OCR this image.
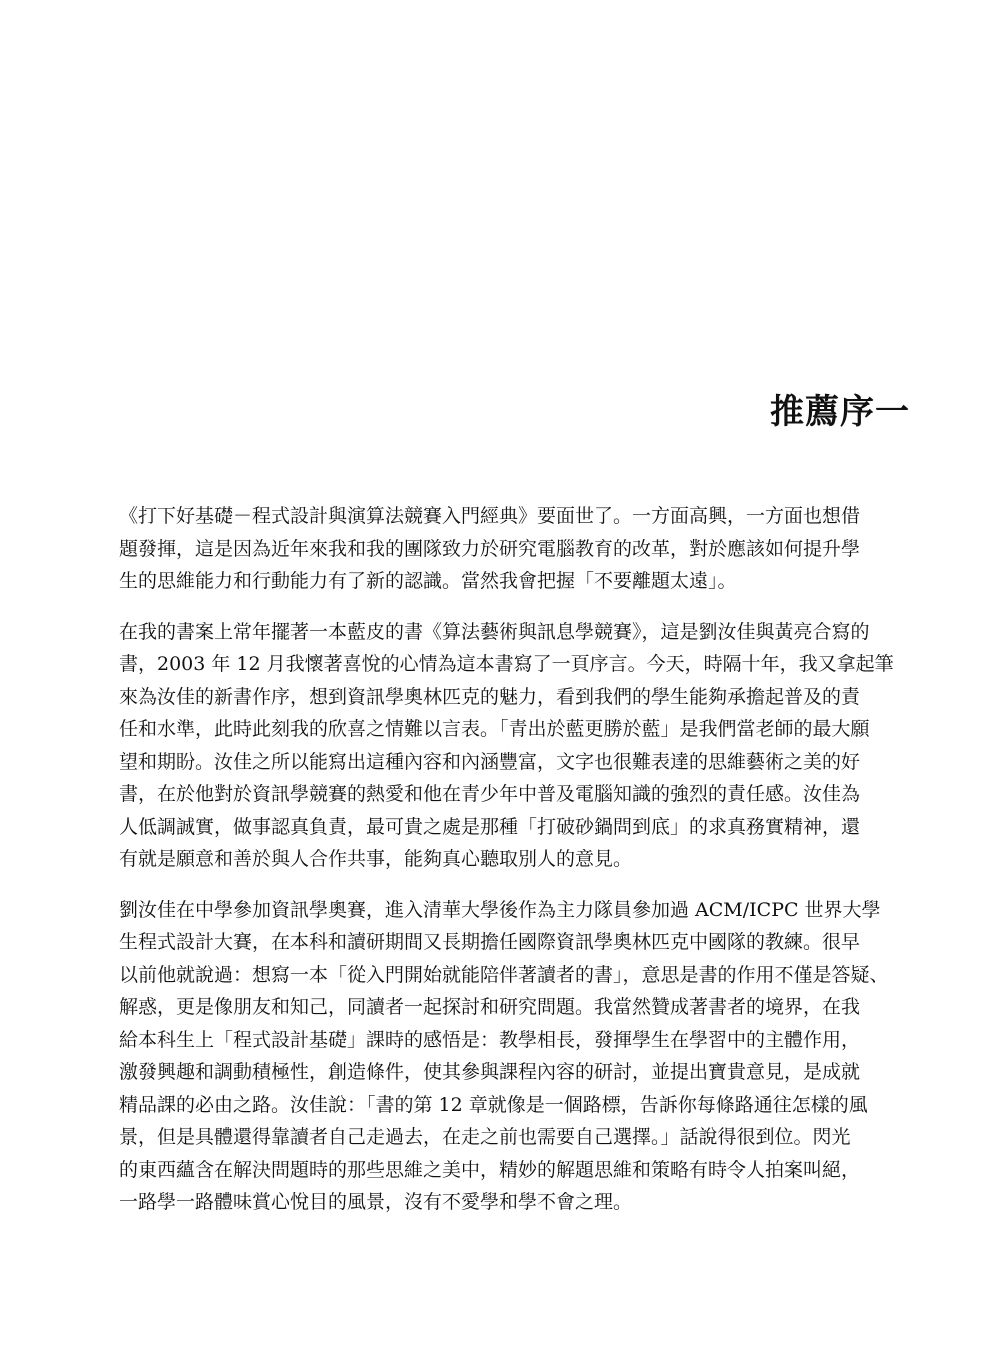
推薦序一

《打下好基礎－程式設計與演算法競賽入門經典》要面世了。一方面高興，一方面也想借
題發揮，這是因為近年來我和我的團隊致力於研究電腦教育的改革，對於應該如何提升學
生的思維能力和行動能力有了新的認識。當然我會把握「不要離題太遠」。

在我的書案上常年擺著一本藍皮的書《算法藝術與訊息學競賽》，這是劉汝佳與黃亮合寫的
書，2003 年 12 月我懷著喜悅的心情為這本書寫了一頁序言。今天，時隔十年，我又拿起筆
來為汝佳的新書作序，想到資訊學奧林匹克的魅力，看到我們的學生能夠承擔起普及的責
任和水準，此時此刻我的欣喜之情難以言表。「青出於藍更勝於藍」是我們當老師的最大願
望和期盼。汝佳之所以能寫出這種內容和內涵豐富，文字也很難表達的思維藝術之美的好
書，在於他對於資訊學競賽的熱愛和他在青少年中普及電腦知識的強烈的責任感。汝佳為
人低調誠實，做事認真負責，最可貴之處是那種「打破砂鍋問到底」的求真務實精神，還
有就是願意和善於與人合作共事，能夠真心聽取別人的意見。

劉汝佳在中學參加資訊學奧賽，進入清華大學後作為主力隊員參加過 ACM/ICPC 世界大學
生程式設計大賽，在本科和讀研期間又長期擔任國際資訊學奧林匹克中國隊的教練。很早
以前他就說過：想寫一本「從入門開始就能陪伴著讀者的書」，意思是書的作用不僅是答疑、
解惑，更是像朋友和知己，同讀者一起探討和研究問題。我當然贊成著書者的境界，在我
給本科生上「程式設計基礎」課時的感悟是：教學相長，發揮學生在學習中的主體作用，
激發興趣和調動積極性，創造條件，使其參與課程內容的研討，並提出寶貴意見，是成就
精品課的必由之路。汝佳說：「書的第 12 章就像是一個路標，告訴你每條路通往怎樣的風
景，但是具體還得靠讀者自己走過去，在走之前也需要自己選擇。」話說得很到位。閃光
的東西蘊含在解決問題時的那些思維之美中，精妙的解題思維和策略有時令人拍案叫絕，
一路學一路體味賞心悅目的風景，沒有不愛學和學不會之理。
